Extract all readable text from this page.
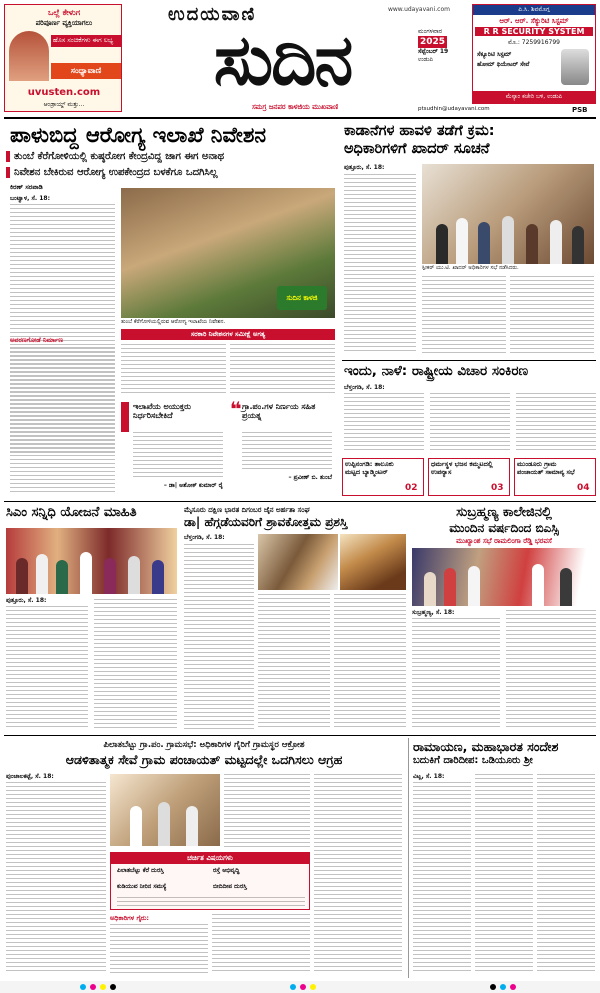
ಒಲ್ಲೆ ಕೇಳುಗ
ಪರಿಪೂರ್ಣ ವ್ಯಕ್ತಿಯಾಗಲು
ಹೊಸ ಸಂಚಿಕೆಗಳು ಈಗ ಲಭ್ಯ
ಸಂಧ್ಯಾವಾಣಿ
uvusten.com
ಆಂಡ್ರಾಯ್ಡ್ ಮತ್ತು...
ಉದಯವಾಣಿ	www.udayavani.com
ಸುದಿನ
ಸಮಗ್ರ ಜನಪರ ಕಾಳಜಿಯ ಮುಖವಾಣಿ
ಮಂಗಳವಾರ
2025
ಸೆಪ್ಟೆಂಬರ್ 19
ಉಡುಪಿ
ptsudhin@udayavani.com	PSB
ಪಿ.ಸಿ. ಶಿವಮೊಗ್ಗ
ಆರ್. ಆರ್. ಸೆಕ್ಯುರಿಟಿ ಸಿಸ್ಟಮ್
R R SECURITY SYSTEM
ಮೊ.: 7259916799
ಸೆಕ್ಯೂರಿಟಿ ಸಿಸ್ಟಮ್
ಹೋಮ್ ಥಿಯೇಟರ್ ಸೇವೆ
ಮೆಸ್ಕಾಂ ಕಚೇರಿ ಬಳಿ, ಉಡುಪಿ
ಪಾಳುಬಿದ್ದ ಆರೋಗ್ಯ ಇಲಾಖೆ ನಿವೇಶನ
ತುಂಬೆ ಕೆರೆಗೋಳಿಯಲ್ಲಿ ಕುಷ್ಠರೋಗ ಕೇಂದ್ರವಿದ್ದ ಜಾಗ ಈಗ ಅನಾಥ
ನಿವೇಶನ ಬೇಕಿರುವ ಆರೋಗ್ಯ ಉಪಕೇಂದ್ರದ ಬಳಕೆಗೂ ಒದಗಿಸಿಲ್ಲ
ಕಿರಣ್ ಸರಪಾಡಿ
ಬಂಟ್ವಾಳ, ಸೆ. 18:
ಸುದಿನ ಕಾಳಜಿ
ತುಂಬೆ ಕೆರೆಗೋಳಿಯಲ್ಲಿರುವ ಆರೋಗ್ಯ ಇಲಾಖೆಯ ನಿವೇಶನ.
ಸರಕಾರಿ ನಿವೇಶನಗಳ ಸಮೀಕ್ಷೆ ಅಗತ್ಯ
ಅವರಣಗೋಡೆ ನಿರ್ಮಾಣ
ಇಲಾಖೆಯ ಅಯುಕ್ತರು ನಿರ್ಧರಿಸಬೇಕಿದೆ
– ಡಾ| ಅಶೋಕ್ ಕುಮಾರ್ ರೈ
❝ ಗ್ರಾ.ಪಂ.ಗಳ ನಿರ್ಣಯ ಸಹಿತ ಪ್ರಯತ್ನ
– ಪ್ರವೀಣ್ ಬಿ. ತುಂಬೆ
ಕಾಡಾನೆಗಳ ಹಾವಳಿ ತಡೆಗೆ ಕ್ರಮ:
ಅಧಿಕಾರಿಗಳಿಗೆ ಖಾದರ್ ಸೂಚನೆ
ಪುತ್ತೂರು, ಸೆ. 18:
ಸ್ಪೀಕರ್ ಯು.ಟಿ. ಖಾದರ್ ಅಧಿಕಾರಿಗಳ ಸಭೆ ನಡೆಸಿದರು.
ಇಂದು, ನಾಳೆ: ರಾಷ್ಟ್ರೀಯ ವಿಚಾರ ಸಂಕಿರಣ
ಬೆಳ್ತಂಗಡಿ, ಸೆ. 18:
ಉಪ್ಪಿನಂಗಡಿ: ತಾಲೂಕು ಮಟ್ಟದ ಬ್ಯಾಡ್ಮಿಂಟನ್
02
ಧರ್ಮಸ್ಥಳ ಭಜನ ಕಮ್ಮಟದಲ್ಲಿ ಉಪನ್ಯಾಸ
03
ಮುಂಡೂರು ಗ್ರಾಮ ಪಂಚಾಯತ್ ಸಾಮಾನ್ಯ ಸಭೆ
04
ಸಿಎಂ ಸನ್ನಿಧಿ ಯೋಜನೆ ಮಾಹಿತಿ
ಪುತ್ತೂರು, ಸೆ. 18:
ಮೈಸೂರು ದಕ್ಷಿಣ ಭಾರತ ದಿಗಂಬರ ಜೈನ ಅರ್ಹತಾ ಸಂಘ
ಡಾ| ಹೆಗ್ಗಡೆಯವರಿಗೆ ಶ್ರಾವಕೋತ್ತಮ ಪ್ರಶಸ್ತಿ
ಬೆಳ್ತಂಗಡಿ, ಸೆ. 18:
ಸುಬ್ರಹ್ಮಣ್ಯ ಕಾಲೇಜಿನಲ್ಲಿ
ಮುಂದಿನ ವರ್ಷದಿಂದ ಬಿಎಸ್ಸಿ
ಮುಖ್ಯಾಂಶ ಸಭೆ ರಾಮಲಿಂಗಾ ರೆಡ್ಡಿ ಭರವಸೆ
ಸುಬ್ರಹ್ಮಣ್ಯ, ಸೆ. 18:
ಪಿಲಾತಬೆಟ್ಟು ಗ್ರಾ.ಪಂ. ಗ್ರಾಮಸಭೆ: ಅಧಿಕಾರಿಗಳ ಗೈರಿಗೆ ಗ್ರಾಮಸ್ಥರ ಆಕ್ರೋಶ
ಆಡಳಿತಾತ್ಮಕ ಸೇವೆ ಗ್ರಾಮ ಪಂಚಾಯತ್ ಮಟ್ಟದಲ್ಲೇ ಒದಗಿಸಲು ಆಗ್ರಹ
ಪುಂಜಾಲಕಟ್ಟೆ, ಸೆ. 18:
ಚರ್ಚಿತ ವಿಷಯಗಳು
ಪಿಲಾತಬೆಟ್ಟು ಕೆರೆ ದುರಸ್ತಿ	ರಸ್ತೆ ಅಭಿವೃದ್ಧಿ
ಕುಡಿಯುವ ನೀರಿನ ಸಮಸ್ಯೆ	ಬೀದಿದೀಪ ದುರಸ್ತಿ
ಅಧಿಕಾರಿಗಳ ಗೈರು:
ರಾಮಾಯಣ, ಮಹಾಭಾರತ ಸಂದೇಶ
ಬದುಕಿಗೆ ದಾರಿದೀಪ: ಒಡಿಯೂರು ಶ್ರೀ
ವಿಟ್ಲ, ಸೆ. 18:
